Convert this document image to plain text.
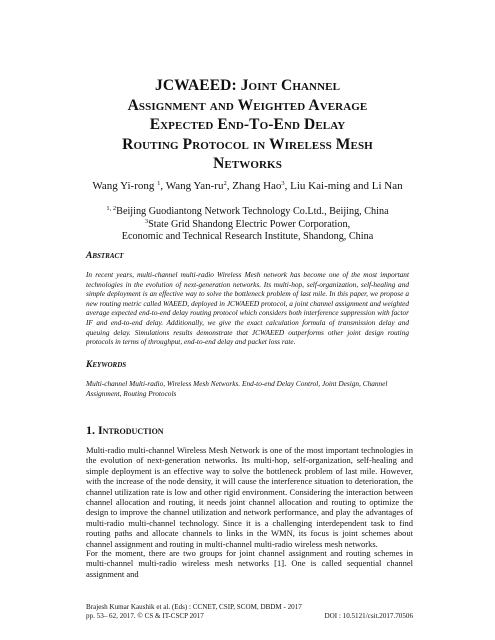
JCWAEED: Joint Channel
Assignment and Weighted Average
Expected End-To-End Delay
Routing Protocol in Wireless Mesh
Networks
Wang Yi-rong $^1$, Wang Yan-$ru^2$, Zhang Hao$^3$, Liu Kai-ming and Li Nan
$^{1, 2}$Beijing Guodiantong Network Technology Co.Ltd., Beijing, China
$^3$State Grid Shandong Electric Power Corporation,
Economic and Technical Research Institute, Shandong, China
Abstract
In recent years, multi-channel multi-radio Wireless Mesh network has become one of the most important technologies in the evolution of next-generation networks. Its multi-hop, self-organization, self-healing and simple deployment is an effective way to solve the bottleneck problem of last mile. In this paper, we propose a new routing metric called WAEED, deployed in JCWAEED protocol, a joint channel assignment and weighted average expected end-to-end delay routing protocol which considers both interference suppression with factor IF and end-to-end delay. Additionally, we give the exact calculation formula of transmission delay and queuing delay. Simulations results demonstrate that JCWAEED outperforms other joint design routing protocols in terms of throughput, end-to-end delay and packet loss rate.
Keywords
Multi-channel Multi-radio, Wireless Mesh Networks. End-to-end Delay Control, Joint Design, Channel Assignment, Routing Protocols
1. Introduction
Multi-radio multi-channel Wireless Mesh Network is one of the most important technologies in the evolution of next-generation networks. Its multi-hop, self-organization, self-healing and simple deployment is an effective way to solve the bottleneck problem of last mile. However, with the increase of the node density, it will cause the interference situation to deterioration, the channel utilization rate is low and other rigid environment. Considering the interaction between channel allocation and routing, it needs joint channel allocation and routing to optimize the design to improve the channel utilization and network performance, and play the advantages of multi-radio multi-channel technology. Since it is a challenging interdependent task to find routing paths and allocate channels to links in the WMN, its focus is joint schemes about channel assignment and routing in multi-channel multi-radio wireless mesh networks.
For the moment, there are two groups for joint channel assignment and routing schemes in multi-channel multi-radio wireless mesh networks [1]. One is called sequential channel assignment and
Brajesh Kumar Kaushik et al. (Eds) : CCNET, CSIP, SCOM, DBDM - 2017
pp. 53– 62, 2017. © CS & IT-CSCP 2017	DOI : 10.5121/csit.2017.70506
